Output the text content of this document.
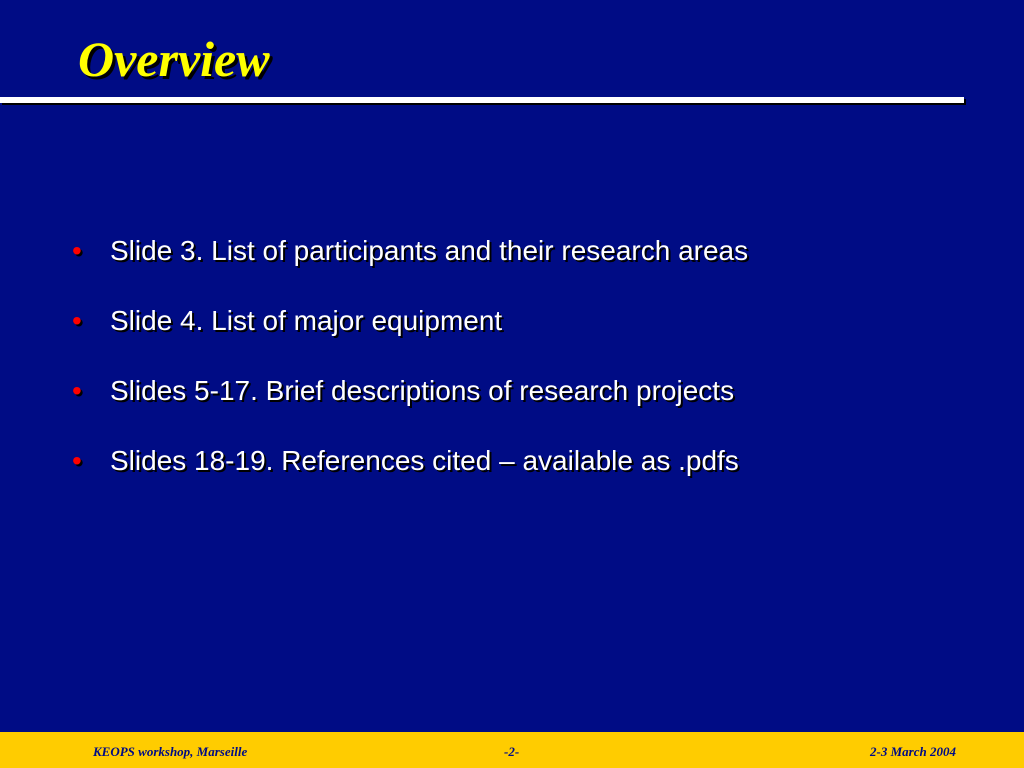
Overview
• Slide 3. List of participants and their research areas
• Slide 4. List of major equipment
• Slides 5-17. Brief descriptions of research projects
• Slides 18-19. References cited – available as .pdfs
KEOPS workshop, Marseille	-2-	2-3 March 2004
